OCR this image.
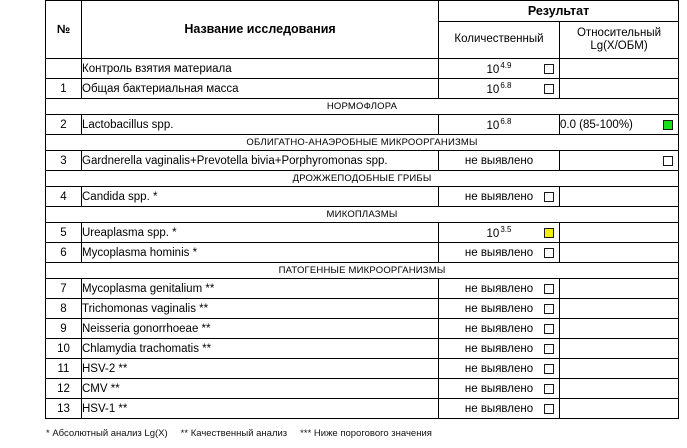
№	Название исследования	Результат	
		Количественный	Относительный
Lg(X/ОБМ)
	Контроль взятия материала	$10^{4.9}$

1	Общая бактериальная масса	$10^{6.8}$

НОРМОФЛОРА			
2	Lactobacillus spp.	$10^{6.8}$	0.0 (85-100%)

ОБЛИГАТНО-АНАЭРОБНЫЕ МИКРООРГАНИЗМЫ			
3	Gardnerella vaginalis+Prevotella bivia+Porphyromonas spp.	не выявлено	

ДРОЖЖЕПОДОБНЫЕ ГРИБЫ			
4	Candida spp. *	не выявлено

МИКОПЛАЗМЫ			
5	Ureaplasma spp. *	$10^{3.5}$

6	Mycoplasma hominis *	не выявлено

ПАТОГЕННЫЕ МИКРООРГАНИЗМЫ			
7	Mycoplasma genitalium **	не выявлено

8	Trichomonas vaginalis **	не выявлено

9	Neisseria gonorrhoeae **	не выявлено

10	Chlamydia trachomatis **	не выявлено

11	HSV-2 **	не выявлено

12	CMV **	не выявлено

13	HSV-1 **	не выявлено

* Абсолютный анализ Lg(X) ** Качественный анализ *** Ниже порогового значения
